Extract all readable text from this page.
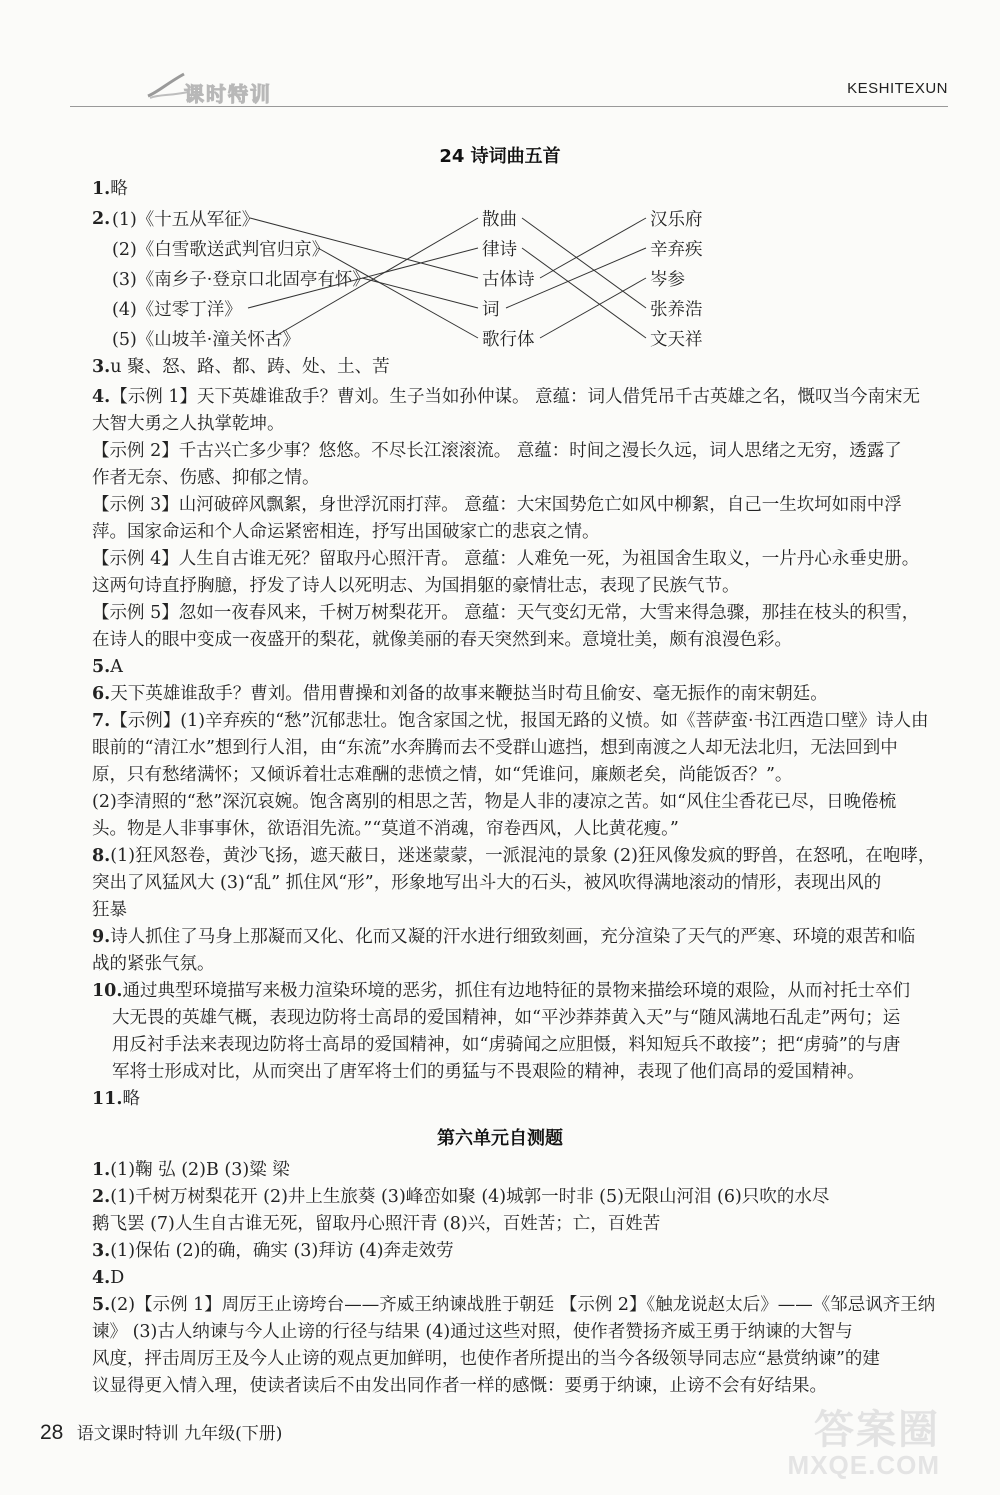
课时特训	KESHITEXUN
24 诗词曲五首
1.略
2. (1)《十五从军征》
(2)《白雪歌送武判官归京》
(3)《南乡子·登京口北固亭有怀》
(4)《过零丁洋》
(5)《山坡羊·潼关怀古》
散曲
律诗
古体诗
词
歌行体
汉乐府
辛弃疾
岑参
张养浩
文天祥
3.u 聚、怒、路、都、踌、处、土、苦
4.【示例 1】天下英雄谁敌手？曹刘。生子当如孙仲谋。 意蕴：词人借凭吊千古英雄之名，慨叹当今南宋无
大智大勇之人执掌乾坤。
【示例 2】千古兴亡多少事？悠悠。不尽长江滚滚流。 意蕴：时间之漫长久远，词人思绪之无穷，透露了
作者无奈、伤感、抑郁之情。
【示例 3】山河破碎风飘絮，身世浮沉雨打萍。 意蕴：大宋国势危亡如风中柳絮，自己一生坎坷如雨中浮
萍。国家命运和个人命运紧密相连，抒写出国破家亡的悲哀之情。
【示例 4】人生自古谁无死？留取丹心照汗青。 意蕴：人难免一死，为祖国舍生取义，一片丹心永垂史册。
这两句诗直抒胸臆，抒发了诗人以死明志、为国捐躯的豪情壮志，表现了民族气节。
【示例 5】忽如一夜春风来，千树万树梨花开。 意蕴：天气变幻无常，大雪来得急骤，那挂在枝头的积雪，
在诗人的眼中变成一夜盛开的梨花，就像美丽的春天突然到来。意境壮美，颇有浪漫色彩。
5.A
6.天下英雄谁敌手？曹刘。借用曹操和刘备的故事来鞭挞当时苟且偷安、毫无振作的南宋朝廷。
7.【示例】(1)辛弃疾的“愁”沉郁悲壮。饱含家国之忧，报国无路的义愤。如《菩萨蛮·书江西造口壁》诗人由
眼前的“清江水”想到行人泪，由“东流”水奔腾而去不受群山遮挡，想到南渡之人却无法北归，无法回到中
原，只有愁绪满怀；又倾诉着壮志难酬的悲愤之情，如“凭谁问，廉颇老矣，尚能饭否？”。
(2)李清照的“愁”深沉哀婉。饱含离别的相思之苦，物是人非的凄凉之苦。如“风住尘香花已尽，日晚倦梳
头。物是人非事事休，欲语泪先流。”“莫道不消魂，帘卷西风，人比黄花瘦。”
8.(1)狂风怒卷，黄沙飞扬，遮天蔽日，迷迷蒙蒙，一派混沌的景象 (2)狂风像发疯的野兽，在怒吼，在咆哮，
突出了风猛风大 (3)“乱” 抓住风“形”，形象地写出斗大的石头，被风吹得满地滚动的情形，表现出风的
狂暴
9.诗人抓住了马身上那凝而又化、化而又凝的汗水进行细致刻画，充分渲染了天气的严寒、环境的艰苦和临
战的紧张气氛。
10.通过典型环境描写来极力渲染环境的恶劣，抓住有边地特征的景物来描绘环境的艰险，从而衬托士卒们
大无畏的英雄气概，表现边防将士高昂的爱国精神，如“平沙莽莽黄入天”与“随风满地石乱走”两句；运
用反衬手法来表现边防将士高昂的爱国精神，如“虏骑闻之应胆慑，料知短兵不敢接”；把“虏骑”的与唐
军将士形成对比，从而突出了唐军将士们的勇猛与不畏艰险的精神，表现了他们高昂的爱国精神。
11.略
第六单元自测题
1.(1)鞠 弘 (2)B (3)粱 梁
2.(1)千树万树梨花开 (2)井上生旅葵 (3)峰峦如聚 (4)城郭一时非 (5)无限山河泪 (6)只吹的水尽
鹅飞罢 (7)人生自古谁无死，留取丹心照汗青 (8)兴，百姓苦；亡，百姓苦
3.(1)保佑 (2)的确，确实 (3)拜访 (4)奔走效劳
4.D
5.(2)【示例 1】周厉王止谤垮台——齐威王纳谏战胜于朝廷 【示例 2】《触龙说赵太后》——《邹忌讽齐王纳
谏》 (3)古人纳谏与今人止谤的行径与结果 (4)通过这些对照，使作者赞扬齐威王勇于纳谏的大智与
风度，抨击周厉王及今人止谤的观点更加鲜明，也使作者所提出的当今各级领导同志应“悬赏纳谏”的建
议显得更入情入理，使读者读后不由发出同作者一样的感慨：要勇于纳谏，止谤不会有好结果。
28 语文课时特训 九年级(下册)	答案圈
MXQE.COM
